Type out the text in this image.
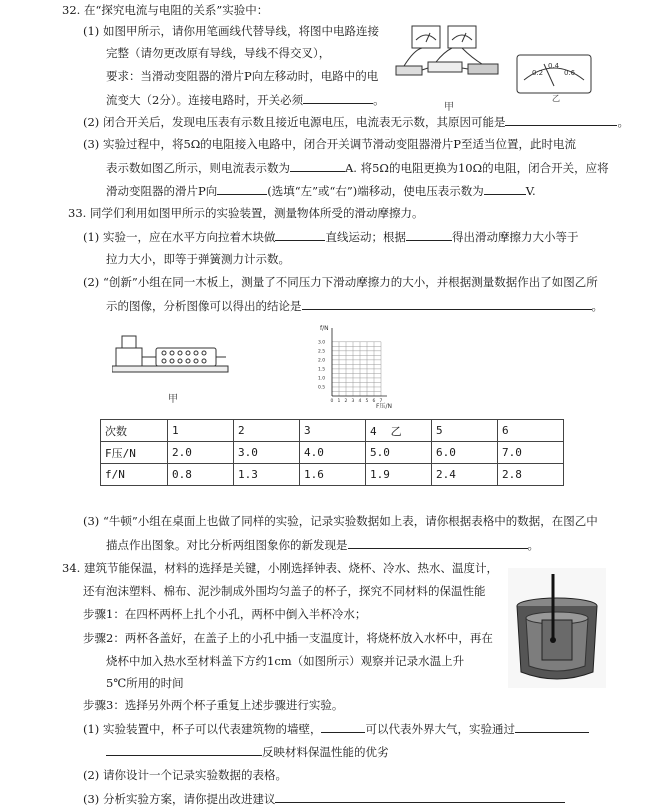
32. 在“探究电流与电阻的关系”实验中：
(1) 如图甲所示，请你用笔画线代替导线，将图中电路连接
完整（请勿更改原有导线，导线不得交叉），
要求：当滑动变阻器的滑片P向左移动时，电路中的电
流变大（2分）。连接电路时，开关必须	。
甲
0.2
0.4
0.6
乙
(2) 闭合开关后，发现电压表有示数且接近电源电压，电流表无示数，其原因可能是	。
(3) 实验过程中，将5Ω的电阻接入电路中，闭合开关调节滑动变阻器滑片P至适当位置，此时电流
表示数如图乙所示，则电流表示数为	A. 将5Ω的电阻更换为10Ω的电阻，闭合开关，应将
滑动变阻器的滑片P向	(选填“左”或“右”)端移动，使电压表示数为	V.
33. 同学们利用如图甲所示的实验装置，测量物体所受的滑动摩擦力。
(1) 实验一，应在水平方向拉着木块做	直线运动；根据	得出滑动摩擦力大小等于
拉力大小，即等于弹簧测力计示数。
(2) “创新”小组在同一木板上，测量了不同压力下滑动摩擦力的大小，并根据测量数据作出了如图乙所
示的图像，分析图像可以得出的结论是	。
甲
f/N
F压/N
0 1 2 3 4 5 6 7
0.5
1.0
1.5
2.0
2.5
3.0
次数	1	2	3	4 乙	5	6
F压/N	2.0	3.0	4.0	5.0	6.0	7.0
f/N	0.8	1.3	1.6	1.9	2.4	2.8
(3) “牛顿”小组在桌面上也做了同样的实验，记录实验数据如上表，请你根据表格中的数据，在图乙中
描点作出图象。对比分析两组图象你的新发现是	。
34. 建筑节能保温，材料的选择是关键，小刚选择钟表、烧杯、冷水、热水、温度计，
还有泡沫塑料、棉布、泥沙制成外围均匀盖子的杯子，探究不同材料的保温性能
步骤1：在四杯两杯上扎个小孔，两杯中倒入半杯冷水；
步骤2：两杯各盖好，在盖子上的小孔中插一支温度计，将烧杯放入水杯中，再在
烧杯中加入热水至材料盖下方约1cm（如图所示）观察并记录水温上升
5℃所用的时间
步骤3：选择另外两个杯子重复上述步骤进行实验。
(1) 实验装置中，杯子可以代表建筑物的墙壁，	可以代表外界大气，实验通过
反映材料保温性能的优劣
(2) 请你设计一个记录实验数据的表格。
(3) 分析实验方案，请你提出改进建议
